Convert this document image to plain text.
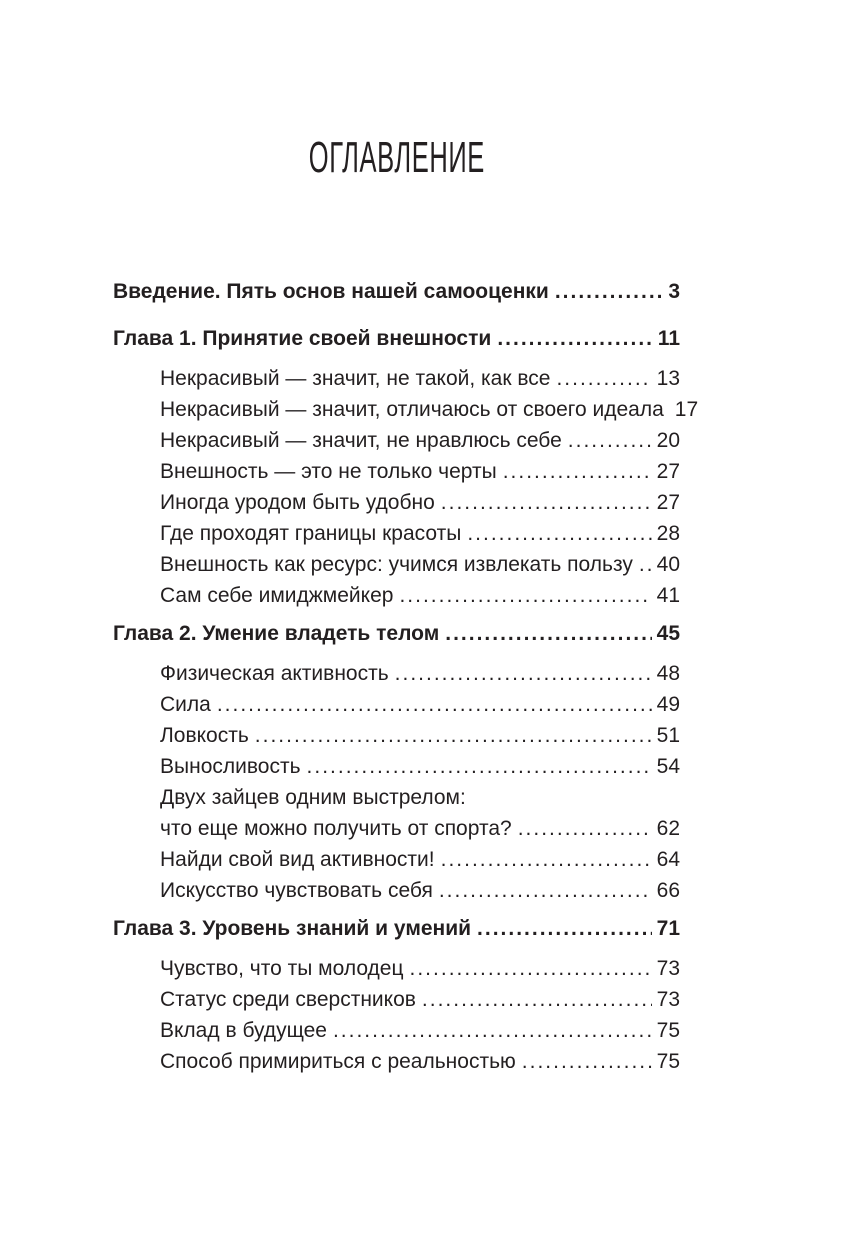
ОГЛАВЛЕНИЕ
Введение. Пять основ нашей самооценки .....	3
Глава 1. Принятие своей внешности .....	11
Некрасивый — значит, не такой, как все .....	13
Некрасивый — значит, отличаюсь от своего идеала 17
Некрасивый — значит, не нравлюсь себе .....	20
Внешность — это не только черты .....	27
Иногда уродом быть удобно .....	27
Где проходят границы красоты .....	28
Внешность как ресурс: учимся извлекать пользу ..... 40
Сам себе имиджмейкер .....	41
Глава 2. Умение владеть телом .....	45
Физическая активность .....	48
Сила .....	49
Ловкость .....	51
Выносливость .....	54
Двух зайцев одним выстрелом:
что еще можно получить от спорта? .....	62
Найди свой вид активности! .....	64
Искусство чувствовать себя .....	66
Глава 3. Уровень знаний и умений .....	71
Чувство, что ты молодец .....	73
Статус среди сверстников .....	73
Вклад в будущее .....	75
Способ примириться с реальностью .....	75
